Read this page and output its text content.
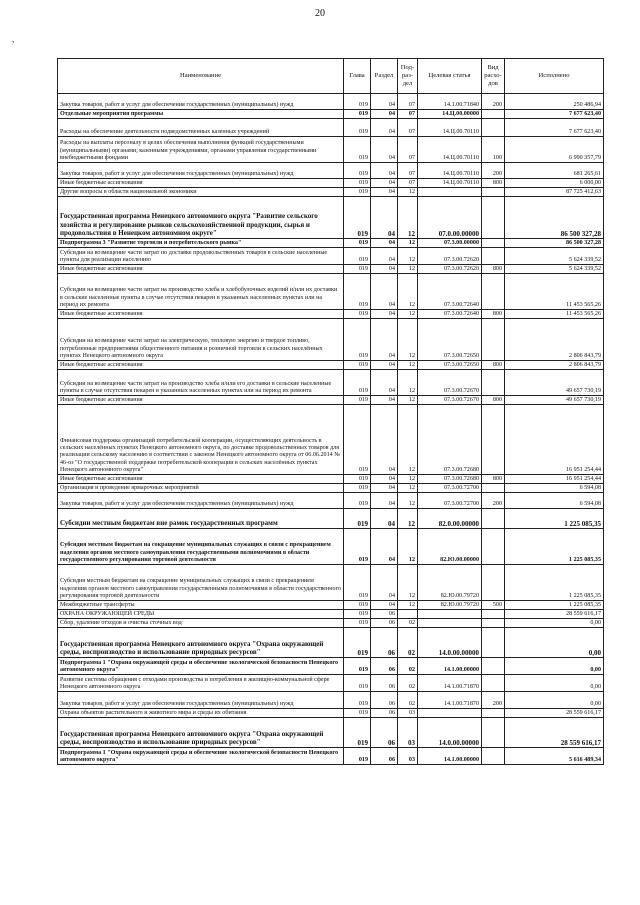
20
,
Наименование	Глава	Раздел	Под-раз-дел	Целевая статья	Вид расхо-дов	Исполнено
Закупка товаров, работ и услуг для обеспечения государственных (муниципальных) нужд	019	04	07	14.1.00.71840	200	250 486,94
Отдельные мероприятия программы	019	04	07	14.Ц.00.00000		7 677 623,40
Расходы на обеспечение деятельности подведомственных казенных учреждений	019	04	07	14.Ц.00.70110		7 677 623,40
Расходы на выплаты персоналу в целях обеспечения выполнения функций государственными (муниципальными) органами, казенными учреждениями, органами управления государственными внебюджетными фондами	019	04	07	14.Ц.00.70110	100	6 990 357,79
Закупка товаров, работ и услуг для обеспечения государственных (муниципальных) нужд	019	04	07	14.Ц.00.70110	200	681 265,61
Иные бюджетные ассигнования	019	04	07	14.Ц.00.70110	800	6 000,00
Другие вопросы в области национальной экономики	019	04	12			87 725 412,63
Государственная программа Ненецкого автономного округа "Развитие сельского хозяйства и регулирование рынков сельскохозяйственной продукции, сырья и продовольствия в Ненецком автономном округе"	019	04	12	07.0.00.00000		86 500 327,28
Подпрограмма 3 "Развитие торговли и потребительского рынка"	019	04	12	07.3.00.00000		86 500 327,28
Субсидии на возмещение части затрат по доставке продовольственных товаров в сельские населенные пункты для реализации населению	019	04	12	07.3.00.72620		5 624 339,52
Иные бюджетные ассигнования	019	04	12	07.3.00.72620	800	5 624 339,52
Субсидии на возмещение части затрат на производство хлеба и хлебобулочных изделий и/или их доставки в сельские населенные пункты в случае отсутствия пекарен в указанных населенных пунктах или на период их ремонта	019	04	12	07.3.00.72640		11 453 565,26
Иные бюджетные ассигнования	019	04	12	07.3.00.72640	800	11 453 565,26
Субсидии на возмещение части затрат на электрическую, тепловую энергию и твердое топливо, потребленные предприятиями общественного питания и розничной торговли в сельских населённых пунктах Ненецкого автономного округа	019	04	12	07.3.00.72650		2 806 843,79
Иные бюджетные ассигнования	019	04	12	07.3.00.72650	800	2 806 843,79
Субсидии на возмещение части затрат на производство хлеба и/или его доставки в сельские населенные пункты в случае отсутствия пекарен в указанных населенных пунктах или на период их ремонта	019	04	12	07.3.00.72670		49 657 730,19
Иные бюджетные ассигнования	019	04	12	07.3.00.72670	800	49 657 730,19
Финансовая поддержка организаций потребительской кооперации, осуществляющих деятельность в сельских населённых пунктах Ненецкого автономного округа, по доставке продовольственных товаров для реализации сельскому населению в соответствии с законом Ненецкого автономного округа от 06.06.2014 № 46-оз "О государственной поддержке потребительской кооперации в сельских населённых пунктах Ненецкого автономного округа"	019	04	12	07.3.00.72680		16 951 254,44
Иные бюджетные ассигнования	019	04	12	07.3.00.72680	800	16 951 254,44
Организация и проведение ярмарочных мероприятий	019	04	12	07.3.00.72700		6 594,08
Закупка товаров, работ и услуг для обеспечения государственных (муниципальных) нужд	019	04	12	07.3.00.72700	200	6 594,08
Субсидии местным бюджетам вне рамок государственных программ	019	04	12	82.0.00.00000		1 225 085,35
Субсидия местным бюджетам на сокращение муниципальных служащих в связи с прекращением наделения органов местного самоуправления государственными полномочиями в области государственного регулирования торговой деятельности	019	04	12	82.Ю.00.00000		1 225 085,35
Субсидия местным бюджетам на сокращение муниципальных служащих в связи с прекращением наделения органов местного самоуправления государственными полномочиями в области государственного регулирования торговой деятельности	019	04	12	82.Ю.00.79720		1 225 085,35
Межбюджетные трансферты	019	04	12	82.Ю.00.79720	500	1 225 085,35
ОХРАНА ОКРУЖАЮЩЕЙ СРЕДЫ	019	06				28 559 616,17
Сбор, удаление отходов и очистка сточных вод	019	06	02			0,00
Государственная программа Ненецкого автономного округа "Охрана окружающей среды, воспроизводство и использование природных ресурсов"	019	06	02	14.0.00.00000		0,00
Подпрограмма 1 "Охрана окружающей среды и обеспечение экологической безопасности Ненецкого автономного округа"	019	06	02	14.1.00.00000		0,00
Развитие системы обращения с отходами производства и потребления в жилищно-коммунальной сфере Ненецкого автономного округа	019	06	02	14.1.00.71870		0,00
Закупка товаров, работ и услуг для обеспечения государственных (муниципальных) нужд	019	06	02	14.1.00.71870	200	0,00
Охрана объектов растительного и животного мира и среды их обитания	019	06	03			28 559 616,17
Государственная программа Ненецкого автономного округа "Охрана окружающей среды, воспроизводство и использование природных ресурсов"	019	06	03	14.0.00.00000		28 559 616,17
Подпрограмма 1 "Охрана окружающей среды и обеспечение экологической безопасности Ненецкого автономного округа"	019	06	03	14.1.00.00000		5 616 489,34
